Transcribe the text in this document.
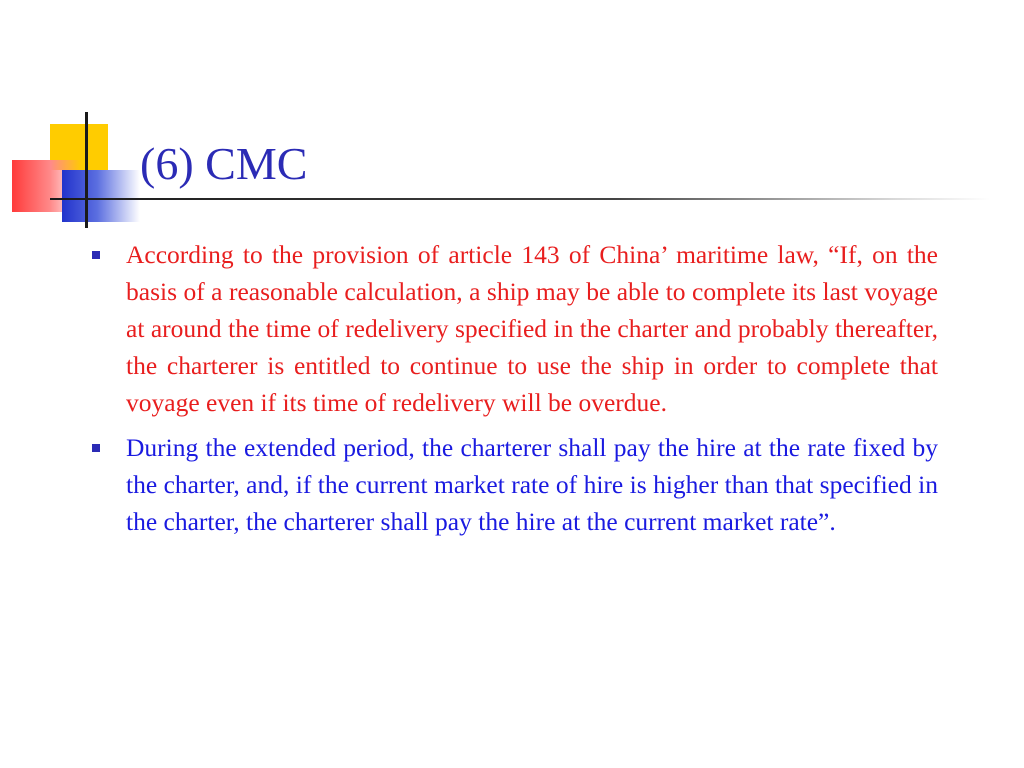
(6) CMC
According to the provision of article 143 of China’ maritime law, “If, on the basis of a reasonable calculation, a ship may be able to complete its last voyage at around the time of redelivery specified in the charter and probably thereafter, the charterer is entitled to continue to use the ship in order to complete that voyage even if its time of redelivery will be overdue.
During the extended period, the charterer shall pay the hire at the rate fixed by the charter, and, if the current market rate of hire is higher than that specified in the charter, the charterer shall pay the hire at the current market rate”.
